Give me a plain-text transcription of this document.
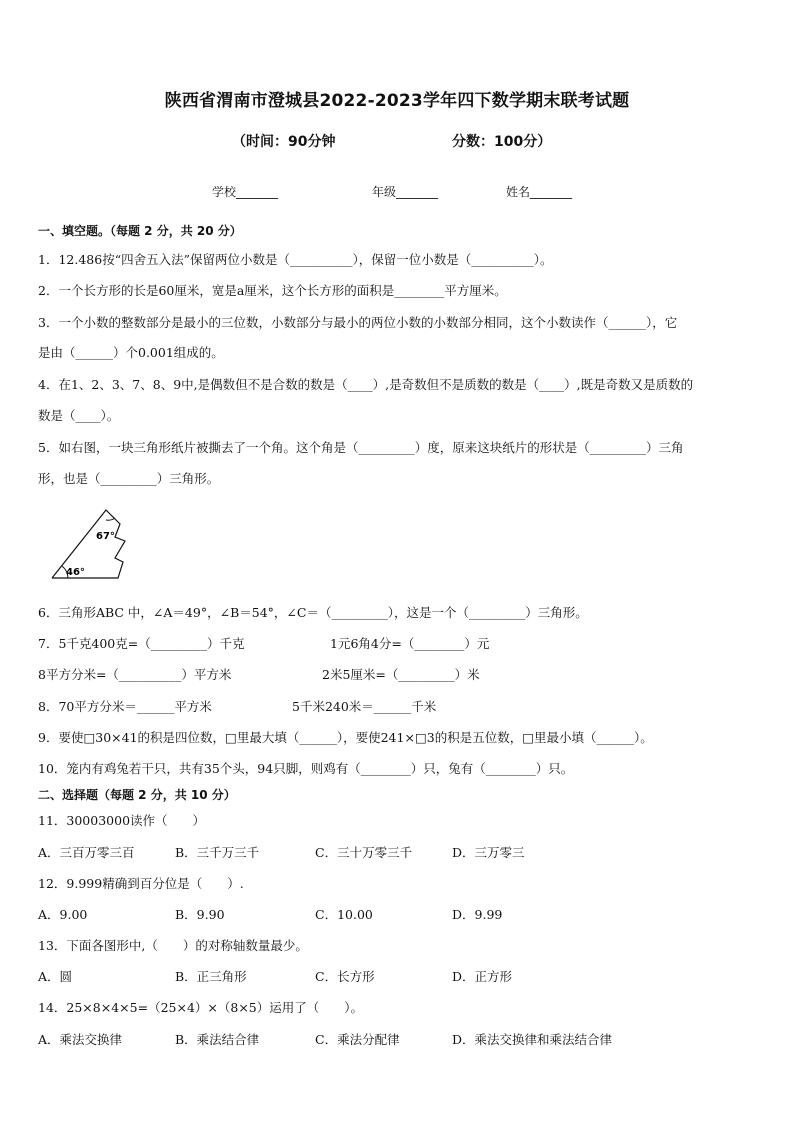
陕西省渭南市澄城县2022-2023学年四下数学期末联考试题
（时间：90分钟	分数：100分）
学校_______	年级_______	姓名_______
一、填空题。（每题 2 分，共 20 分）
1．12.486按“四舍五入法”保留两位小数是（__________），保留一位小数是（__________）。
2．一个长方形的长是60厘米，宽是a厘米，这个长方形的面积是________平方厘米。
3．一个小数的整数部分是最小的三位数，小数部分与最小的两位小数的小数部分相同，这个小数读作（______），它
是由（______）个0.001组成的。
4．在1、2、3、7、8、9中,是偶数但不是合数的数是（____）,是奇数但不是质数的数是（____）,既是奇数又是质数的
数是（____）。
5．如右图，一块三角形纸片被撕去了一个角。这个角是（_________）度，原来这块纸片的形状是（_________）三角
形，也是（_________）三角形。
67°
46°
6．三角形ABC 中，∠A＝49°，∠B＝54°，∠C＝（_________），这是一个（_________）三角形。
7．5千克400克=（_________）千克	1元6角4分=（________）元
8平方分米=（__________）平方米	2米5厘米=（_________）米
8．70平方分米＝______平方米	5千米240米＝______千米
9．要使□30×41的积是四位数，□里最大填（______），要使241×□3的积是五位数，□里最小填（______）。
10．笼内有鸡兔若干只，共有35个头，94只脚，则鸡有（________）只，兔有（________）只。
二、选择题（每题 2 分，共 10 分）
11．30003000读作（　　）
A．三百万零三百	B．三千万三千	C．三十万零三千	D．三万零三
12．9.999精确到百分位是（　　）.
A．9.00	B．9.90	C．10.00	D．9.99
13．下面各图形中,（　　）的对称轴数量最少。
A．圆	B．正三角形	C．长方形	D．正方形
14．25×8×4×5=（25×4）×（8×5）运用了（　　）。
A．乘法交换律	B．乘法结合律	C．乘法分配律	D．乘法交换律和乘法结合律
